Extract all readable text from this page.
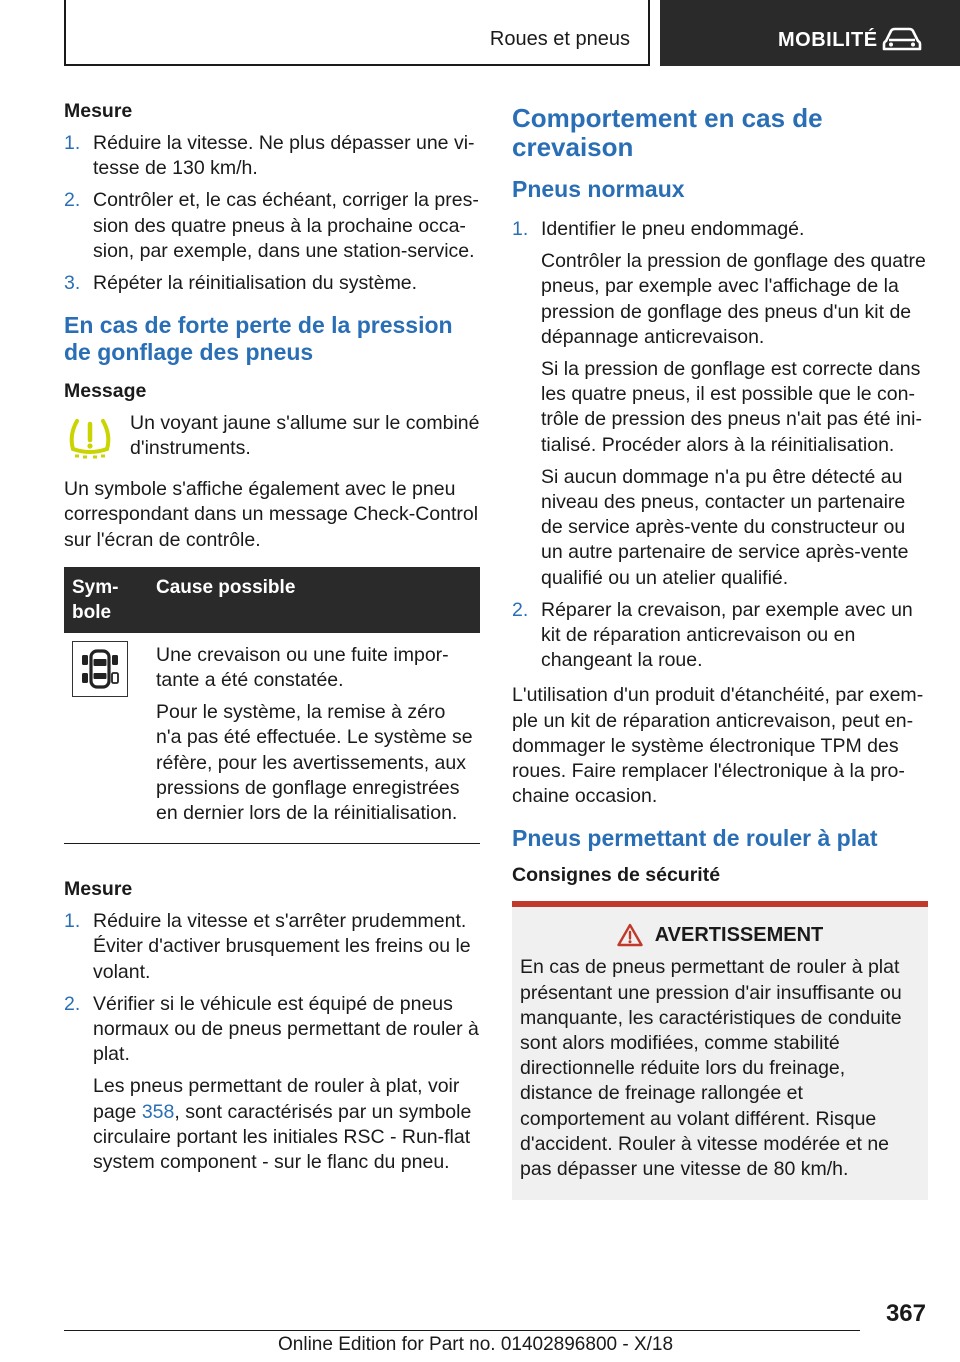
Roues et pneus	MOBILITÉ
Mesure
1. Réduire la vitesse. Ne plus dépasser une vitesse de 130 km/h.
2. Contrôler et, le cas échéant, corriger la pression des quatre pneus à la prochaine occasion, par exemple, dans une station-service.
3. Répéter la réinitialisation du système.
En cas de forte perte de la pression de gonflage des pneus
Message
Un voyant jaune s'allume sur le combiné d'instruments.

Un symbole s'affiche également avec le pneu correspondant dans un message Check-Control sur l'écran de contrôle.

Symbole	Cause possible

Une crevaison ou une fuite importante a été constatée.

Pour le système, la remise à zéro n'a pas été effectuée. Le système se réfère, pour les avertissements, aux pressions de gonflage enregistrées en dernier lors de la réinitialisation.

Mesure
1. Réduire la vitesse et s'arrêter prudemment. Éviter d'activer brusquement les freins ou le volant.
2. Vérifier si le véhicule est équipé de pneus normaux ou de pneus permettant de rouler à plat.
Les pneus permettant de rouler à plat, voir page 358, sont caractérisés par un symbole circulaire portant les initiales RSC - Run-flat system component - sur le flanc du pneu.
Comportement en cas de crevaison
Pneus normaux
1. Identifier le pneu endommagé.
Contrôler la pression de gonflage des quatre pneus, par exemple avec l'affichage de la pression de gonflage des pneus d'un kit de dépannage anticrevaison.
Si la pression de gonflage est correcte dans les quatre pneus, il est possible que le contrôle de pression des pneus n'ait pas été initialisé. Procéder alors à la réinitialisation.
Si aucun dommage n'a pu être détecté au niveau des pneus, contacter un partenaire de service après-vente du constructeur ou un autre partenaire de service après-vente qualifié ou un atelier qualifié.
2. Réparer la crevaison, par exemple avec un kit de réparation anticrevaison ou en changeant la roue.

L'utilisation d'un produit d'étanchéité, par exemple un kit de réparation anticrevaison, peut endommager le système électronique TPM des roues. Faire remplacer l'électronique à la prochaine occasion.

Pneus permettant de rouler à plat
Consignes de sécurité
AVERTISSEMENT

En cas de pneus permettant de rouler à plat présentant une pression d'air insuffisante ou manquante, les caractéristiques de conduite sont alors modifiées, comme stabilité directionnelle réduite lors du freinage, distance de freinage rallongée et comportement au volant différent. Risque d'accident. Rouler à vitesse modérée et ne pas dépasser une vitesse de 80 km/h.

367
Online Edition for Part no. 01402896800 - X/18
